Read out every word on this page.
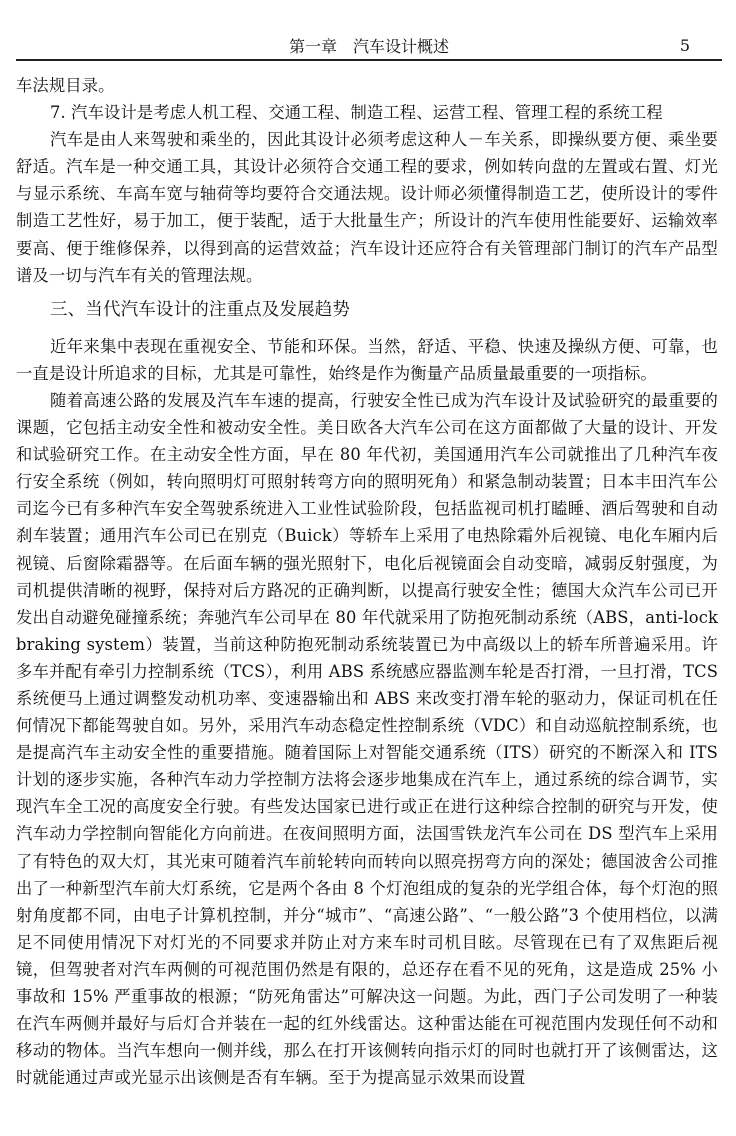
第一章　汽车设计概述	5

车法规目录。

7. 汽车设计是考虑人机工程、交通工程、制造工程、运营工程、管理工程的系统工程

汽车是由人来驾驶和乘坐的，因此其设计必须考虑这种人－车关系，即操纵要方便、乘坐要舒适。汽车是一种交通工具，其设计必须符合交通工程的要求，例如转向盘的左置或右置、灯光与显示系统、车高车宽与轴荷等均要符合交通法规。设计师必须懂得制造工艺，使所设计的零件制造工艺性好，易于加工，便于装配，适于大批量生产；所设计的汽车使用性能要好、运输效率要高、便于维修保养，以得到高的运营效益；汽车设计还应符合有关管理部门制订的汽车产品型谱及一切与汽车有关的管理法规。

三、当代汽车设计的注重点及发展趋势

近年来集中表现在重视安全、节能和环保。当然，舒适、平稳、快速及操纵方便、可靠，也一直是设计所追求的目标，尤其是可靠性，始终是作为衡量产品质量最重要的一项指标。

随着高速公路的发展及汽车车速的提高，行驶安全性已成为汽车设计及试验研究的最重要的课题，它包括主动安全性和被动安全性。美日欧各大汽车公司在这方面都做了大量的设计、开发和试验研究工作。在主动安全性方面，早在 80 年代初，美国通用汽车公司就推出了几种汽车夜行安全系统（例如，转向照明灯可照射转弯方向的照明死角）和紧急制动装置；日本丰田汽车公司迄今已有多种汽车安全驾驶系统进入工业性试验阶段，包括监视司机打瞌睡、酒后驾驶和自动刹车装置；通用汽车公司已在别克（Buick）等轿车上采用了电热除霜外后视镜、电化车厢内后视镜、后窗除霜器等。在后面车辆的强光照射下，电化后视镜面会自动变暗，减弱反射强度，为司机提供清晰的视野，保持对后方路况的正确判断，以提高行驶安全性；德国大众汽车公司已开发出自动避免碰撞系统；奔驰汽车公司早在 80 年代就采用了防抱死制动系统（ABS，anti-lock braking system）装置，当前这种防抱死制动系统装置已为中高级以上的轿车所普遍采用。许多车并配有牵引力控制系统（TCS），利用 ABS 系统感应器监测车轮是否打滑，一旦打滑，TCS 系统便马上通过调整发动机功率、变速器输出和 ABS 来改变打滑车轮的驱动力，保证司机在任何情况下都能驾驶自如。另外，采用汽车动态稳定性控制系统（VDC）和自动巡航控制系统，也是提高汽车主动安全性的重要措施。随着国际上对智能交通系统（ITS）研究的不断深入和 ITS 计划的逐步实施，各种汽车动力学控制方法将会逐步地集成在汽车上，通过系统的综合调节，实现汽车全工况的高度安全行驶。有些发达国家已进行或正在进行这种综合控制的研究与开发，使汽车动力学控制向智能化方向前进。在夜间照明方面，法国雪铁龙汽车公司在 DS 型汽车上采用了有特色的双大灯，其光束可随着汽车前轮转向而转向以照亮拐弯方向的深处；德国波舍公司推出了一种新型汽车前大灯系统，它是两个各由 8 个灯泡组成的复杂的光学组合体，每个灯泡的照射角度都不同，由电子计算机控制，并分“城市”、“高速公路”、“一般公路”3 个使用档位，以满足不同使用情况下对灯光的不同要求并防止对方来车时司机目眩。尽管现在已有了双焦距后视镜，但驾驶者对汽车两侧的可视范围仍然是有限的，总还存在看不见的死角，这是造成 25% 小事故和 15% 严重事故的根源；“防死角雷达”可解决这一问题。为此，西门子公司发明了一种装在汽车两侧并最好与后灯合并装在一起的红外线雷达。这种雷达能在可视范围内发现任何不动和移动的物体。当汽车想向一侧并线，那么在打开该侧转向指示灯的同时也就打开了该侧雷达，这时就能通过声或光显示出该侧是否有车辆。至于为提高显示效果而设置
